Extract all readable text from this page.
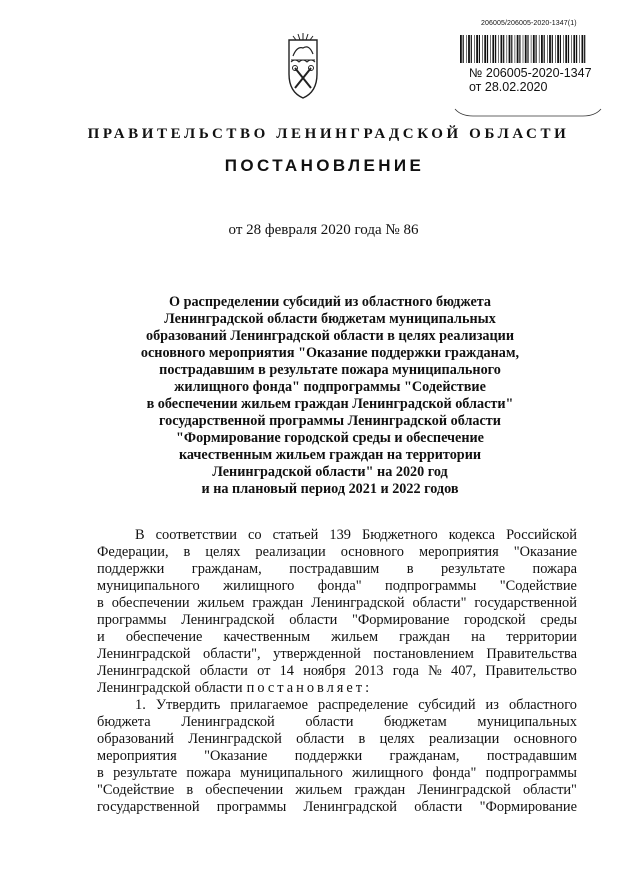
206005/206005-2020-1347(1)
№ 206005-2020-1347
от 28.02.2020
ПРАВИТЕЛЬСТВО ЛЕНИНГРАДСКОЙ ОБЛАСТИ
ПОСТАНОВЛЕНИЕ
от 28 февраля 2020 года № 86
О распределении субсидий из областного бюджета
Ленинградской области бюджетам муниципальных
образований Ленинградской области в целях реализации
основного мероприятия "Оказание поддержки гражданам,
пострадавшим в результате пожара муниципального
жилищного фонда" подпрограммы "Содействие
в обеспечении жильем граждан Ленинградской области"
государственной программы Ленинградской области
"Формирование городской среды и обеспечение
качественным жильем граждан на территории
Ленинградской области" на 2020 год
и на плановый период 2021 и 2022 годов
В соответствии со статьей 139 Бюджетного кодекса Российской
Федерации, в целях реализации основного мероприятия "Оказание
поддержки гражданам, пострадавшим в результате пожара
муниципального жилищного фонда" подпрограммы "Содействие
в обеспечении жильем граждан Ленинградской области" государственной
программы Ленинградской области "Формирование городской среды
и обеспечение качественным жильем граждан на территории
Ленинградской области", утвержденной постановлением Правительства
Ленинградской области от 14 ноября 2013 года № 407, Правительство
Ленинградской области постановляет:
1. Утвердить прилагаемое распределение субсидий из областного
бюджета Ленинградской области бюджетам муниципальных
образований Ленинградской области в целях реализации основного
мероприятия "Оказание поддержки гражданам, пострадавшим
в результате пожара муниципального жилищного фонда" подпрограммы
"Содействие в обеспечении жильем граждан Ленинградской области"
государственной программы Ленинградской области "Формирование
